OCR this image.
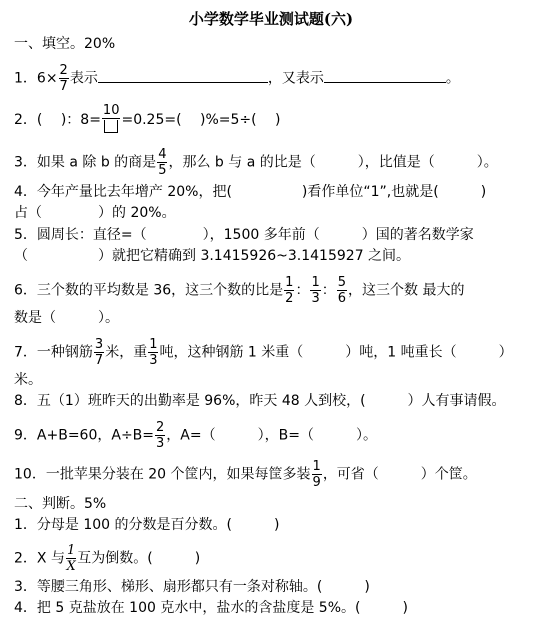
小学数学毕业测试题(六)
一、填空。20%
1．$6\times \frac{2}{7}$ 表示	，又表示	。
2．(　 )：8=
10
=0.25=(　 )%=5÷(　 )
3．如果 a 除 b 的商是 $\frac{4}{5}$ ，那么 b 与 a 的比是（　　　），比值是（　　　）。
4．今年产量比去年增产 20%，把(　　　　　)看作单位“1”,也就是(　　　)
占（　　　　）的 20%。
5．圆周长：直径=（　　　　），1500 多年前（　　　）国的著名数学家
（　　　　　）就把它精确到 3.1415926~3.1415927 之间。
6．三个数的平均数是 36，这三个数的比是 $\frac{1}{2}$ ： $\frac{1}{3}$ ： $\frac{5}{6}$ ，这三个数 最大的
数是（　　　）。
7．一种钢筋 $\frac{3}{7}$ 米，重 $\frac{1}{3}$ 吨，这种钢筋 1 米重（　　　）吨，1 吨重长（　　　）
米。
8．五（1）班昨天的出勤率是 96%，昨天 48 人到校，(　　　）人有事请假。
9．A+B=60，$A\div B= \frac{2}{3}$ ，A=（　　　），B=（　　　）。
10．一批苹果分装在 20 个筐内，如果每筐多装 $\frac{1}{9}$ ，可省（　　　）个筐。
二、判断。5%
1．分母是 100 的分数是百分数。(　　　)
2．X 与 $\frac{1}{X}$ 互为倒数。(　　　)
3．等腰三角形、梯形、扇形都只有一条对称轴。(　　　)
4．把 5 克盐放在 100 克水中，盐水的含盐度是 5%。(　　　)
